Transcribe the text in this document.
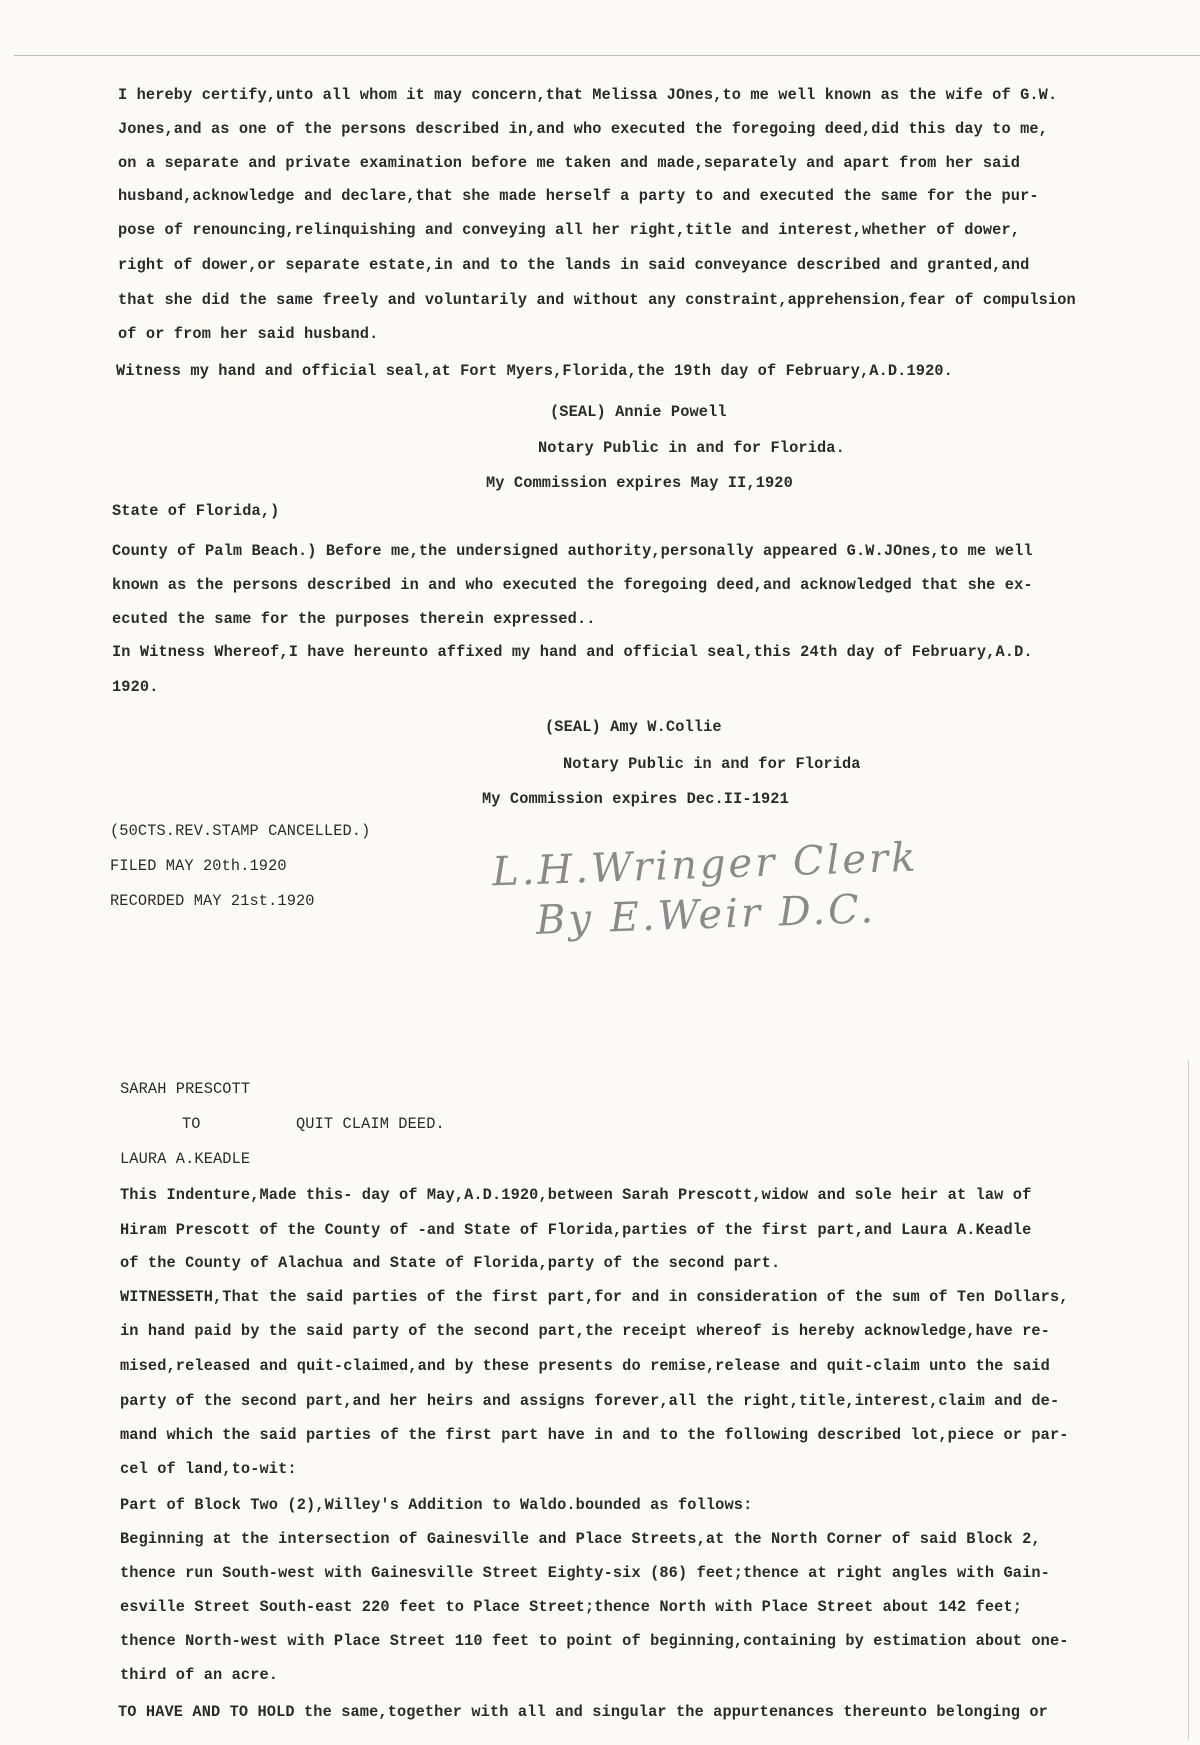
I hereby certify,unto all whom it may concern,that Melissa JOnes,to me well known as the wife of G.W.
Jones,and as one of the persons described in,and who executed the foregoing deed,did this day to me,
on a separate and private examination before me taken and made,separately and apart from her said
husband,acknowledge and declare,that she made herself a party to and executed the same for the pur-
pose of renouncing,relinquishing and conveying all her right,title and interest,whether of dower,
right of dower,or separate estate,in and to the lands in said conveyance described and granted,and
that she did the same freely and voluntarily and without any constraint,apprehension,fear of compulsion
of or from her said husband.
Witness my hand and official seal,at Fort Myers,Florida,the 19th day of February,A.D.1920.
(SEAL) Annie Powell
Notary Public in and for Florida.
My Commission expires May II,1920
State of Florida,)
County of Palm Beach.) Before me,the undersigned authority,personally appeared G.W.JOnes,to me well
known as the persons described in and who executed the foregoing deed,and acknowledged that she ex-
ecuted the same for the purposes therein expressed..
In Witness Whereof,I have hereunto affixed my hand and official seal,this 24th day of February,A.D.
1920.
(SEAL) Amy W.Collie
Notary Public in and for Florida
My Commission expires Dec.II-1921
(50CTS.REV.STAMP CANCELLED.)
FILED MAY 20th.1920
RECORDED MAY 21st.1920
L.H.Wringer Clerk
By E.Weir D.C.
SARAH PRESCOTT
TO	QUIT CLAIM DEED.
LAURA A.KEADLE
This Indenture,Made this- day of May,A.D.1920,between Sarah Prescott,widow and sole heir at law of
Hiram Prescott of the County of -and State of Florida,parties of the first part,and Laura A.Keadle
of the County of Alachua and State of Florida,party of the second part.
WITNESSETH,That the said parties of the first part,for and in consideration of the sum of Ten Dollars,
in hand paid by the said party of the second part,the receipt whereof is hereby acknowledge,have re-
mised,released and quit-claimed,and by these presents do remise,release and quit-claim unto the said
party of the second part,and her heirs and assigns forever,all the right,title,interest,claim and de-
mand which the said parties of the first part have in and to the following described lot,piece or par-
cel of land,to-wit:
Part of Block Two (2),Willey's Addition to Waldo.bounded as follows:
Beginning at the intersection of Gainesville and Place Streets,at the North Corner of said Block 2,
thence run South-west with Gainesville Street Eighty-six (86) feet;thence at right angles with Gain-
esville Street South-east 220 feet to Place Street;thence North with Place Street about 142 feet;
thence North-west with Place Street 110 feet to point of beginning,containing by estimation about one-
third of an acre.
TO HAVE AND TO HOLD the same,together with all and singular the appurtenances thereunto belonging or
